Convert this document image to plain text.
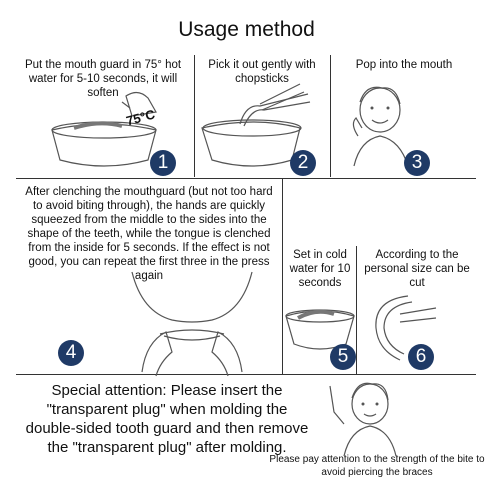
Usage method
Put the mouth guard in 75° hot water for 5-10 seconds, it will soften
75°C
1
Pick it out gently with chopsticks
2
Pop into the mouth
3
After clenching the mouthguard (but not too hard to avoid biting through), the hands are quickly squeezed from the middle to the sides into the shape of the teeth, while the tongue is clenched from the inside for 5 seconds. If the effect is not good, you can repeat the first three in the press again
4
Set in cold water for 10 seconds
5
According to the personal size can be cut
6
Special attention: Please insert the "transparent plug" when molding the double-sided tooth guard and then remove the "transparent plug" after molding.
Please pay attention to the strength of the bite to avoid piercing the braces
